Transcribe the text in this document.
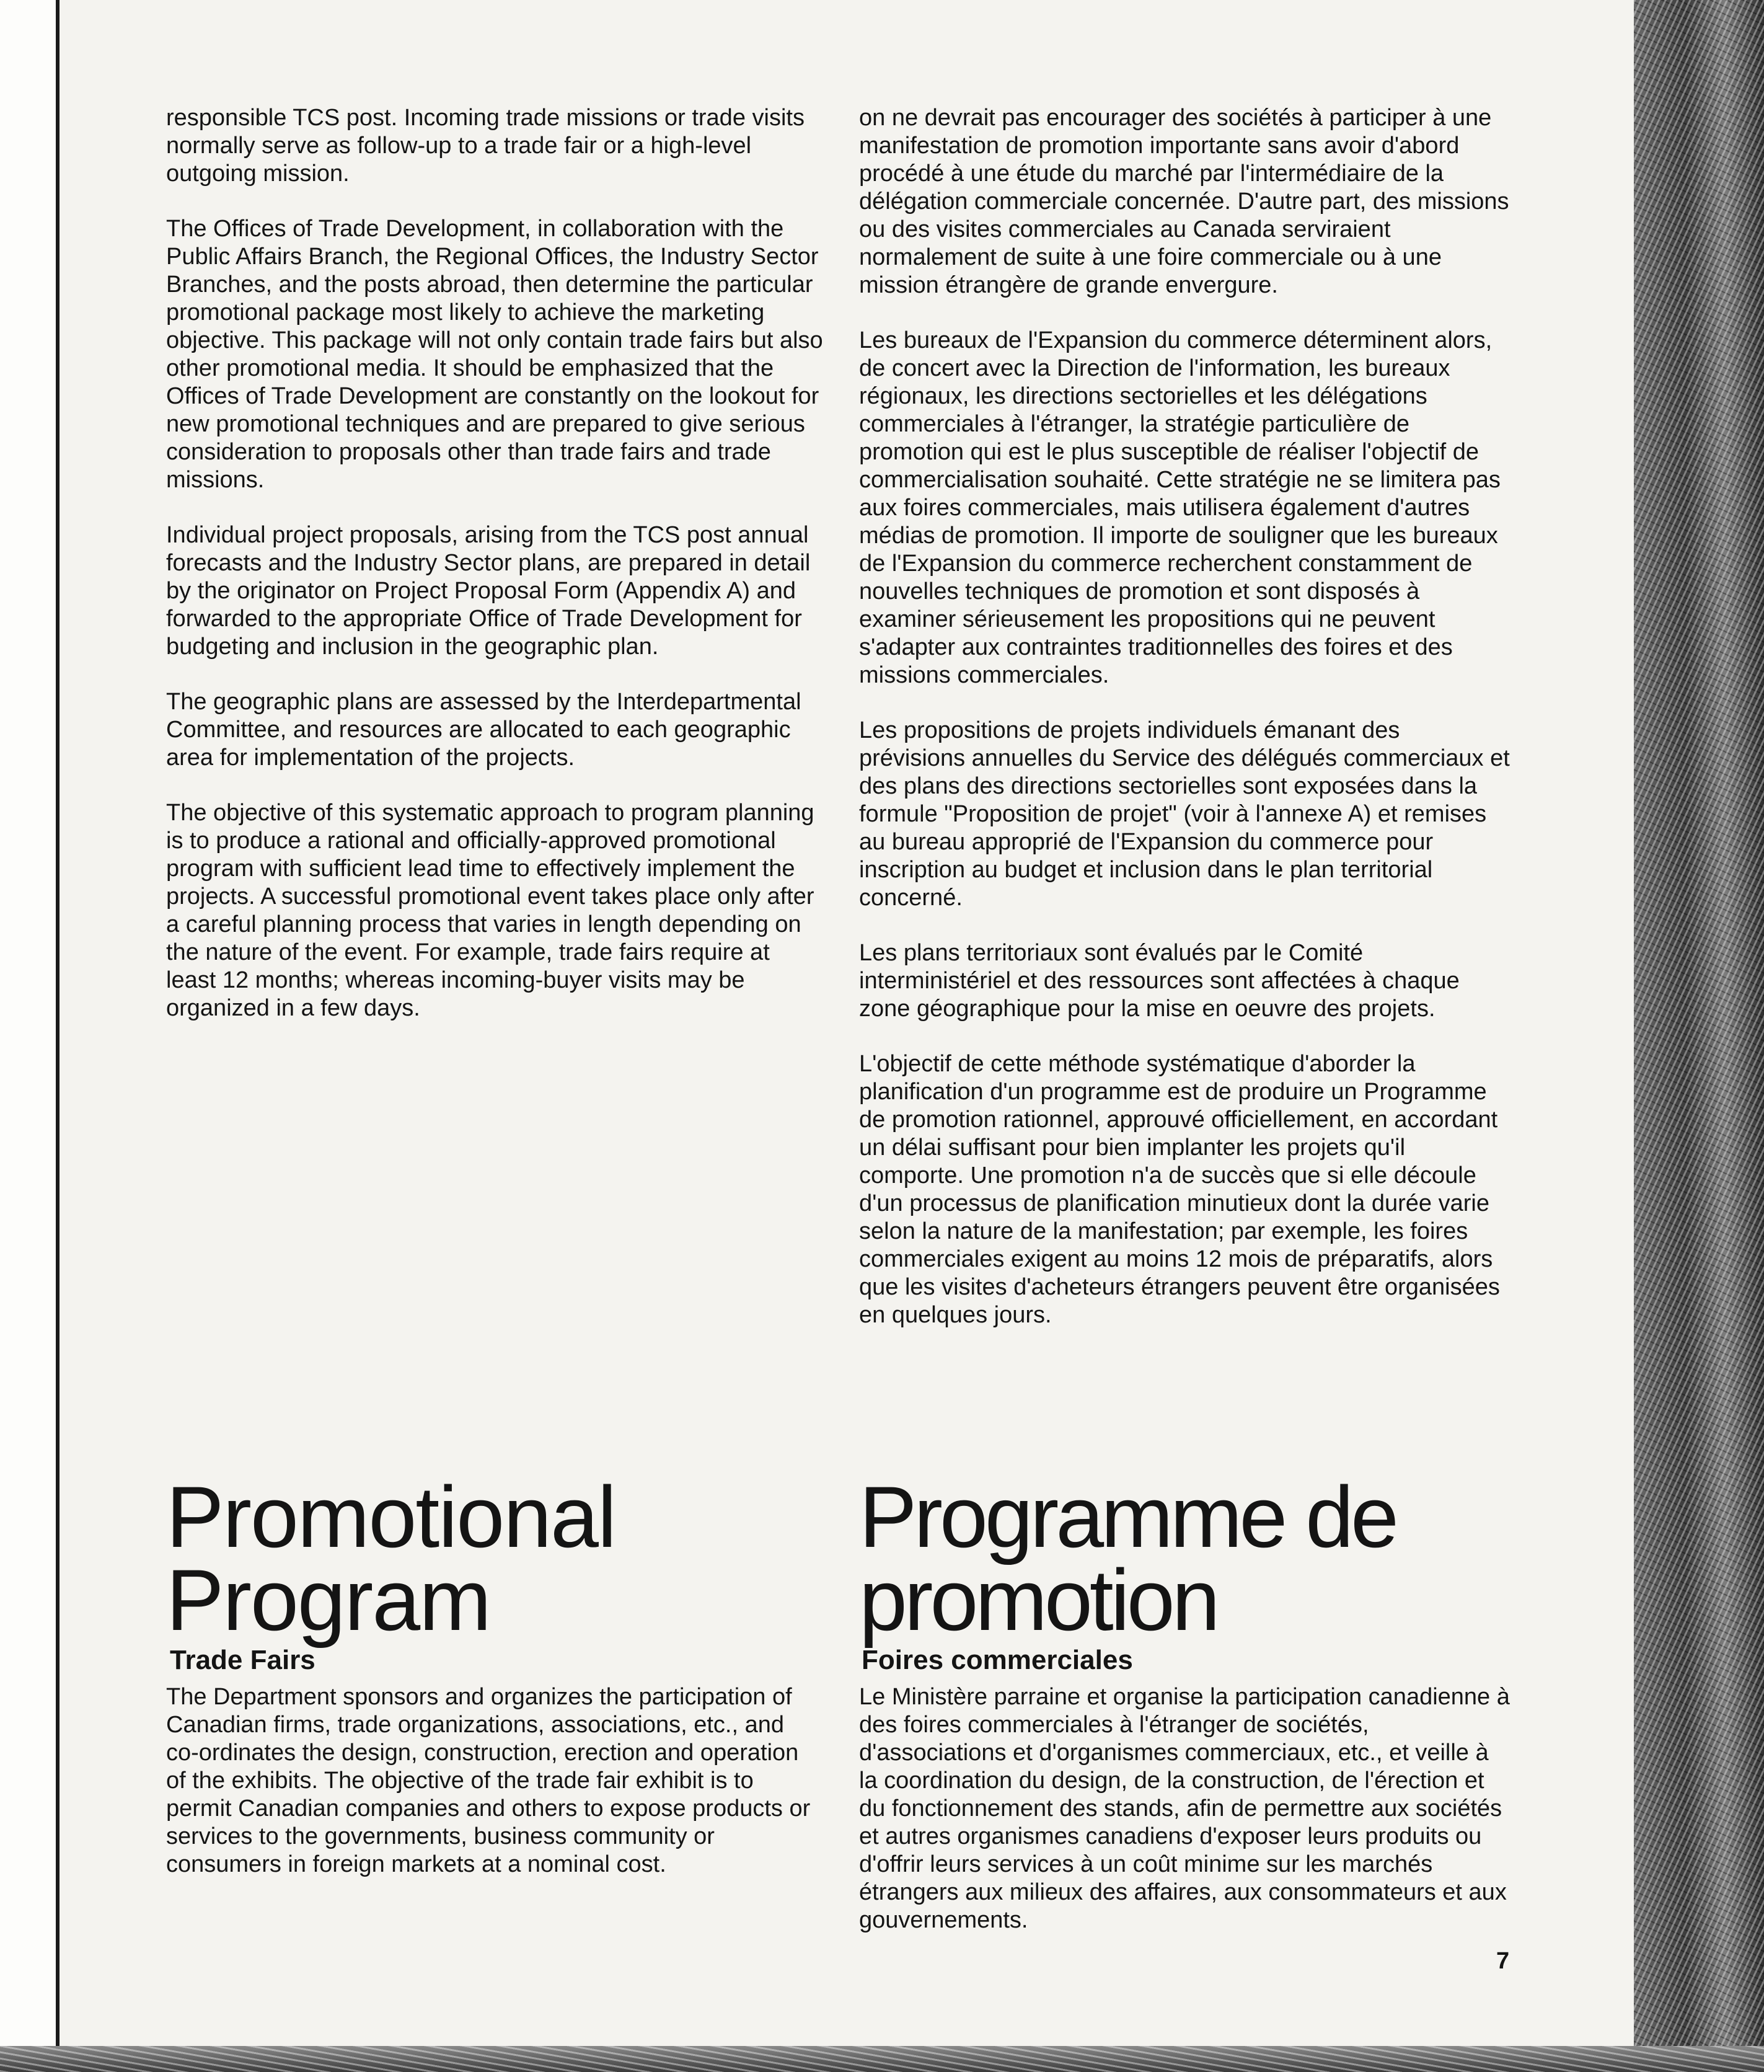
responsible TCS post. Incoming trade missions or trade visits normally serve as follow-up to a trade fair or a high-level outgoing mission.

The Offices of Trade Development, in collaboration with the Public Affairs Branch, the Regional Offices, the Industry Sector Branches, and the posts abroad, then determine the particular promotional package most likely to achieve the marketing objective. This package will not only contain trade fairs but also other promotional media. It should be emphasized that the Offices of Trade Development are constantly on the lookout for new promotional techniques and are prepared to give serious consideration to proposals other than trade fairs and trade missions.

Individual project proposals, arising from the TCS post annual forecasts and the Industry Sector plans, are prepared in detail by the originator on Project Proposal Form (Appendix A) and forwarded to the appropriate Office of Trade Development for budgeting and inclusion in the geographic plan.

The geographic plans are assessed by the Interdepartmental Committee, and resources are allocated to each geographic area for implementation of the projects.

The objective of this systematic approach to program planning is to produce a rational and officially-approved promotional program with sufficient lead time to effectively implement the projects. A successful promotional event takes place only after a careful planning process that varies in length depending on the nature of the event. For example, trade fairs require at least 12 months; whereas incoming-buyer visits may be organized in a few days.

on ne devrait pas encourager des sociétés à participer à une manifestation de promotion importante sans avoir d'abord procédé à une étude du marché par l'intermédiaire de la délégation commerciale concernée. D'autre part, des missions ou des visites commerciales au Canada serviraient normalement de suite à une foire commerciale ou à une mission étrangère de grande envergure.

Les bureaux de l'Expansion du commerce déterminent alors, de concert avec la Direction de l'information, les bureaux régionaux, les directions sectorielles et les délégations commerciales à l'étranger, la stratégie particulière de promotion qui est le plus susceptible de réaliser l'objectif de commercialisation souhaité. Cette stratégie ne se limitera pas aux foires commerciales, mais utilisera également d'autres médias de promotion. Il importe de souligner que les bureaux de l'Expansion du commerce recherchent constamment de nouvelles techniques de promotion et sont disposés à examiner sérieusement les propositions qui ne peuvent s'adapter aux contraintes traditionnelles des foires et des missions commerciales.

Les propositions de projets individuels émanant des prévisions annuelles du Service des délégués commerciaux et des plans des directions sectorielles sont exposées dans la formule "Proposition de projet" (voir à l'annexe A) et remises au bureau approprié de l'Expansion du commerce pour inscription au budget et inclusion dans le plan territorial concerné.

Les plans territoriaux sont évalués par le Comité interministériel et des ressources sont affectées à chaque zone géographique pour la mise en oeuvre des projets.

L'objectif de cette méthode systématique d'aborder la planification d'un programme est de produire un Programme de promotion rationnel, approuvé officiellement, en accordant un délai suffisant pour bien implanter les projets qu'il comporte. Une promotion n'a de succès que si elle découle d'un processus de planification minutieux dont la durée varie selon la nature de la manifestation; par exemple, les foires commerciales exigent au moins 12 mois de préparatifs, alors que les visites d'acheteurs étrangers peuvent être organisées en quelques jours.

Promotional Program
Programme de promotion
Trade Fairs	Foires commerciales

The Department sponsors and organizes the participation of Canadian firms, trade organizations, associations, etc., and co-ordinates the design, construction, erection and operation of the exhibits. The objective of the trade fair exhibit is to permit Canadian companies and others to expose products or services to the governments, business community or consumers in foreign markets at a nominal cost.

Le Ministère parraine et organise la participation canadienne à des foires commerciales à l'étranger de sociétés, d'associations et d'organismes commerciaux, etc., et veille à la coordination du design, de la construction, de l'érection et du fonctionnement des stands, afin de permettre aux sociétés et autres organismes canadiens d'exposer leurs produits ou d'offrir leurs services à un coût minime sur les marchés étrangers aux milieux des affaires, aux consommateurs et aux gouvernements.

7
